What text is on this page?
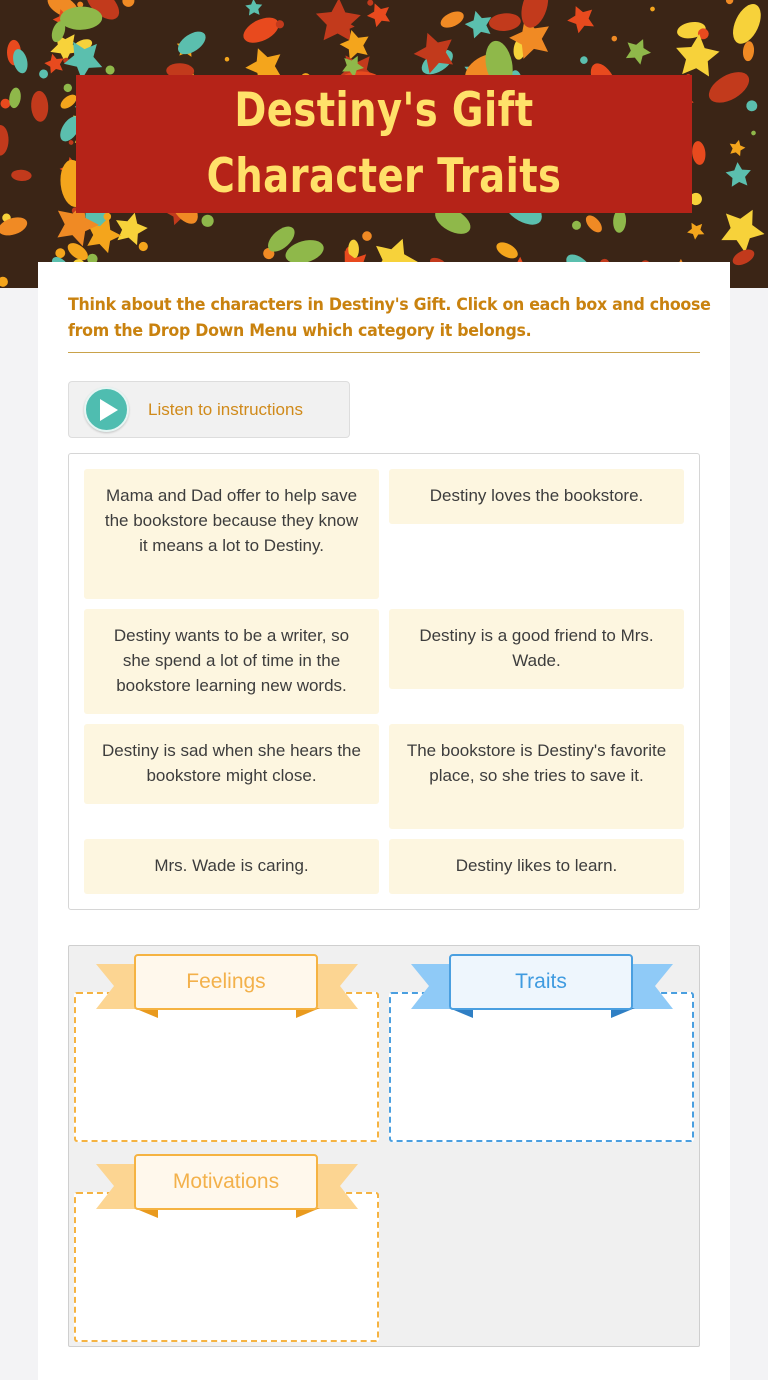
Destiny's Gift Character Traits
Think about the characters in Destiny's Gift. Click on each box and choose
from the Drop Down Menu which category it belongs.
Listen to instructions
Mama and Dad offer to help save the bookstore because they know it means a lot to Destiny.
Destiny loves the bookstore.
Destiny wants to be a writer, so she spend a lot of time in the bookstore learning new words.
Destiny is a good friend to Mrs. Wade.
Destiny is sad when she hears the bookstore might close.
The bookstore is Destiny's favorite place, so she tries to save it.
Mrs. Wade is caring.	Destiny likes to learn.
Feelings	Traits
Motivations
